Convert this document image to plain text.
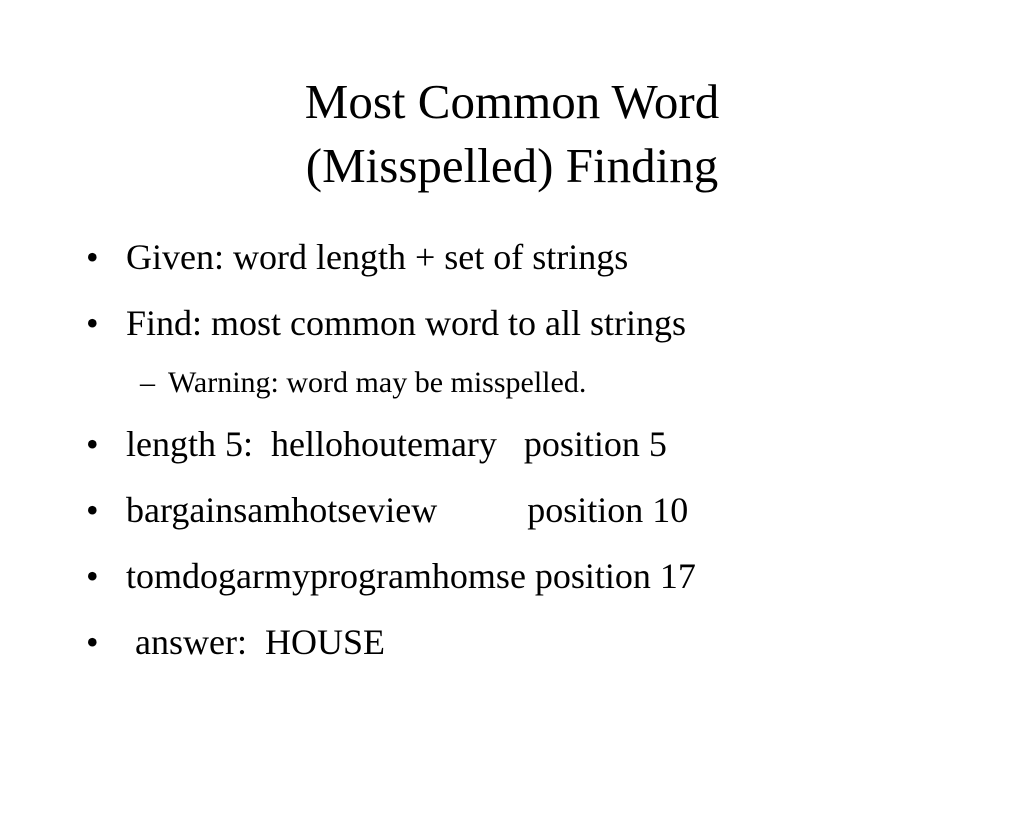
Most Common Word
(Misspelled) Finding

•

Given: word length + set of strings

•

Find: most common word to all strings

–

Warning: word may be misspelled.

•

length 5:  hellohoutemary   position 5

•

bargainsamhotseview          position 10

•

tomdogarmyprogramhomse position 17

•

answer:  HOUSE
